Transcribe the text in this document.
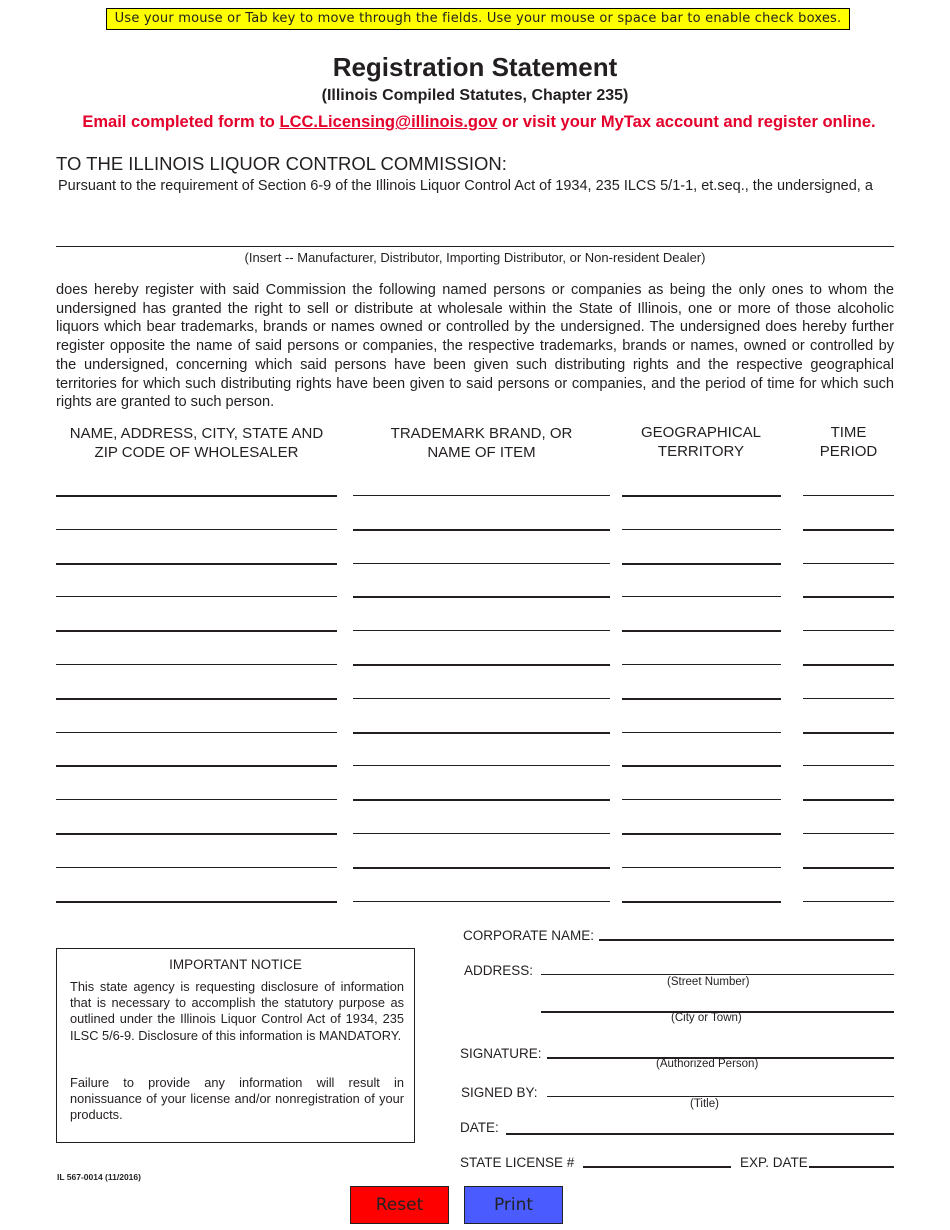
Use your mouse or Tab key to move through the fields. Use your mouse or space bar to enable check boxes.
Registration Statement
(Illinois Compiled Statutes, Chapter 235)
Email completed form to LCC.Licensing@illinois.gov or visit your MyTax account and register online.
TO THE ILLINOIS LIQUOR CONTROL COMMISSION:
Pursuant to the requirement of Section 6-9 of the Illinois Liquor Control Act of 1934, 235 ILCS 5/1-1, et.seq., the undersigned, a
(Insert -- Manufacturer, Distributor, Importing Distributor, or Non-resident Dealer)
does hereby register with said Commission the following named persons or companies as being the only ones to whom the undersigned has granted the right to sell or distribute at wholesale within the State of Illinois, one or more of those alcoholic liquors which bear trademarks, brands or names owned or controlled by the undersigned. The undersigned does hereby further register opposite the name of said persons or companies, the respective trademarks, brands or names, owned or controlled by the undersigned, concerning which said persons have been given such distributing rights and the respective geographical territories for which such distributing rights have been given to said persons or companies, and the period of time for which such rights are granted to such person.
NAME, ADDRESS, CITY, STATE AND
ZIP CODE OF WHOLESALER
TRADEMARK BRAND, OR
NAME OF ITEM
GEOGRAPHICAL
TERRITORY
TIME
PERIOD
IMPORTANT NOTICE
This state agency is requesting disclosure of information that is necessary to accomplish the statutory purpose as outlined under the Illinois Liquor Control Act of 1934, 235 ILSC 5/6-9. Disclosure of this information is MANDATORY.
Failure to provide any information will result in nonissuance of your license and/or nonregistration of your products.
CORPORATE NAME:
ADDRESS:
(Street Number)
(City or Town)
SIGNATURE:
(Authorized Person)
SIGNED BY:
(Title)
DATE:
STATE LICENSE #	EXP. DATE
IL 567-0014 (11/2016)
Reset	Print
